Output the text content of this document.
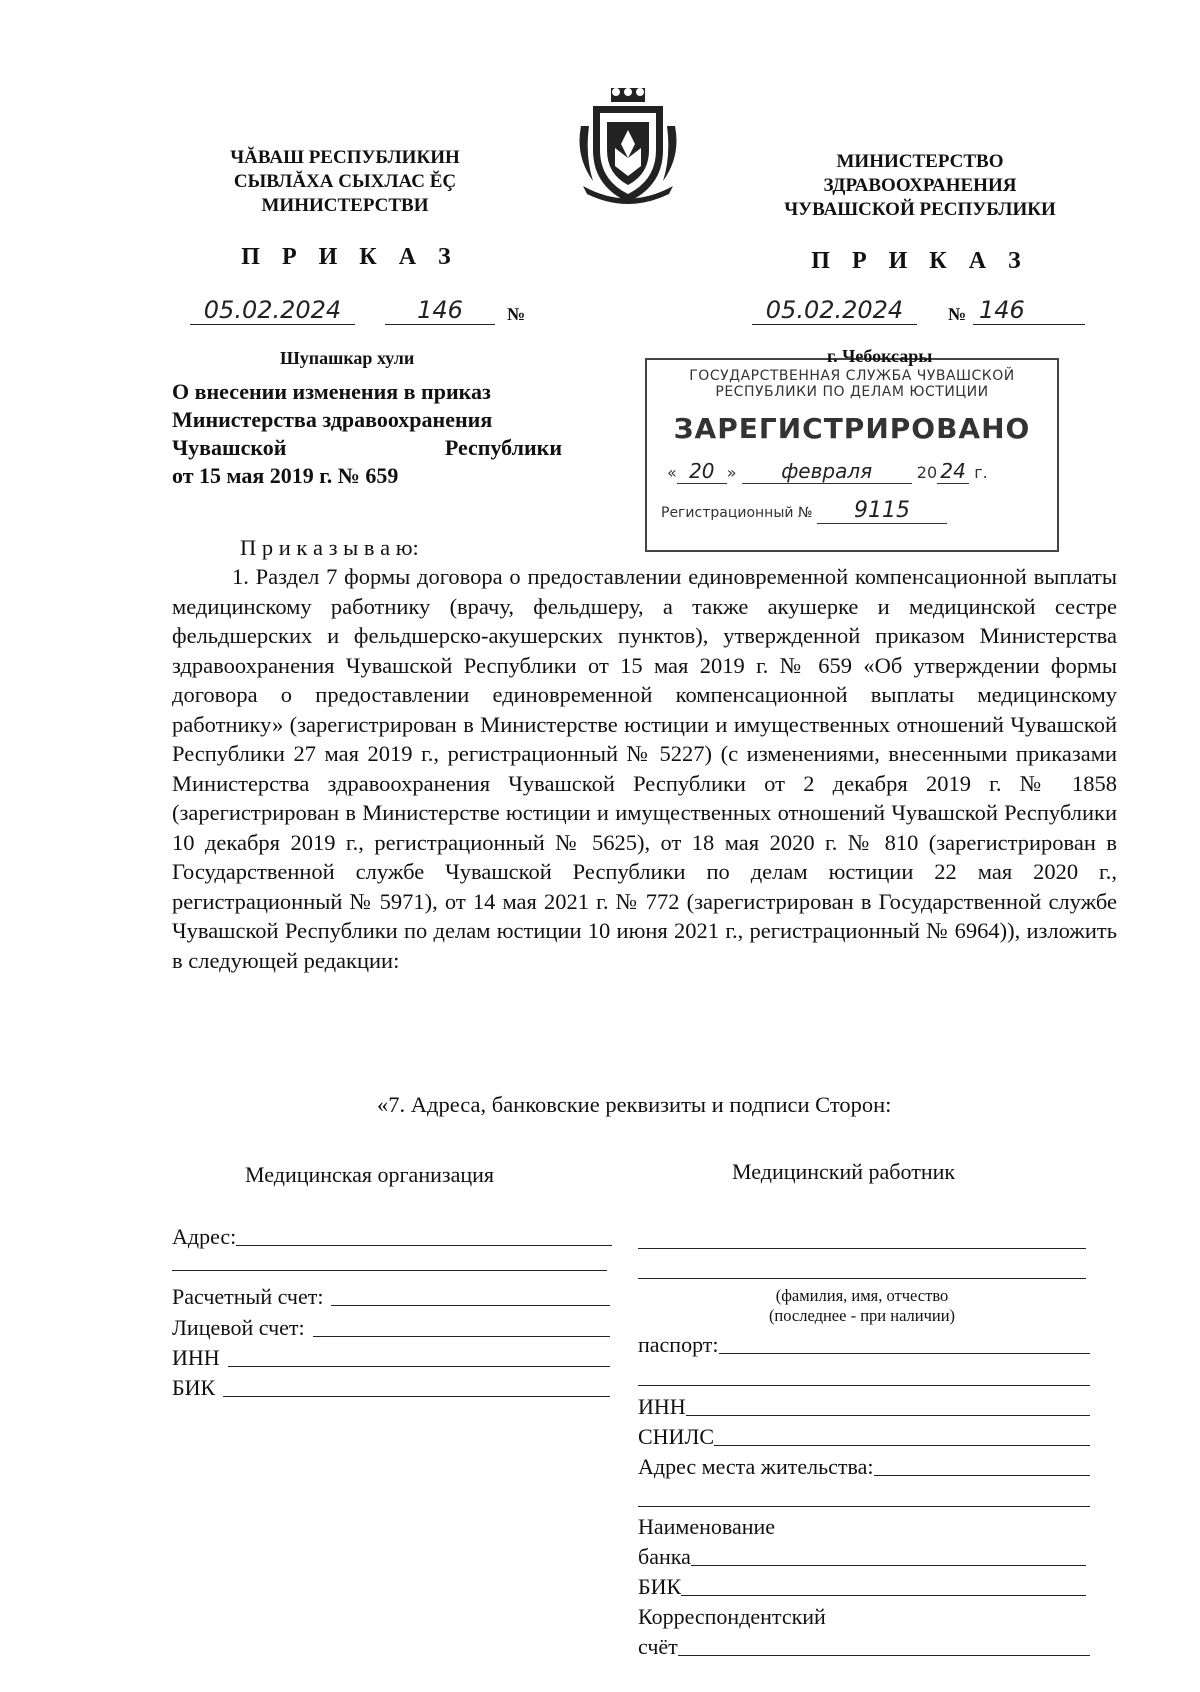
ЧĂВАШ РЕСПУБЛИКИН
СЫВЛĂХА СЫХЛАС ĔÇ
МИНИСТЕРСТВИ
МИНИСТЕРСТВО
ЗДРАВООХРАНЕНИЯ
ЧУВАШСКОЙ РЕСПУБЛИКИ
П Р И К А З	П Р И К А З
05.02.2024	146	№	05.02.2024	№ 146
Шупашкар хули	г. Чебоксары
ГОСУДАРСТВЕННАЯ СЛУЖБА ЧУВАШСКОЙ
РЕСПУБЛИКИ ПО ДЕЛАМ ЮСТИЦИИ
ЗАРЕГИСТРИРОВАНО
« 20 » февраля	20 24 г.
Регистрационный № 9115
О внесении изменения в приказ
Министерства здравоохранения
Чувашской	Республики
от 15 мая 2019 г. № 659
П р и к а з ы в а ю:
1. Раздел 7 формы договора о предоставлении единовременной компенсационной выплаты медицинскому работнику (врачу, фельдшеру, а также акушерке и медицинской сестре фельдшерских и фельдшерско-акушерских пунктов), утвержденной приказом Министерства здравоохранения Чувашской Республики от 15 мая 2019 г. № 659 «Об утверждении формы договора о предоставлении единовременной компенсационной выплаты медицинскому работнику» (зарегистрирован в Министерстве юстиции и имущественных отношений Чувашской Республики 27 мая 2019 г., регистрационный № 5227) (с изменениями, внесенными приказами Министерства здравоохранения Чувашской Республики от 2 декабря 2019 г. № 1858 (зарегистрирован в Министерстве юстиции и имущественных отношений Чувашской Республики 10 декабря 2019 г., регистрационный № 5625), от 18 мая 2020 г. № 810 (зарегистрирован в Государственной службе Чувашской Республики по делам юстиции 22 мая 2020 г., регистрационный № 5971), от 14 мая 2021 г. № 772 (зарегистрирован в Государственной службе Чувашской Республики по делам юстиции 10 июня 2021 г., регистрационный № 6964)), изложить в следующей редакции:
«7. Адреса, банковские реквизиты и подписи Сторон:
Медицинская организация	Медицинский работник
Адрес:
Расчетный счет:
Лицевой счет:
ИНН
БИК
(фамилия, имя, отчество
(последнее - при наличии)
паспорт:
ИНН
СНИЛС
Адрес места жительства:
Наименование
банка
БИК
Корреспондентский
счёт
